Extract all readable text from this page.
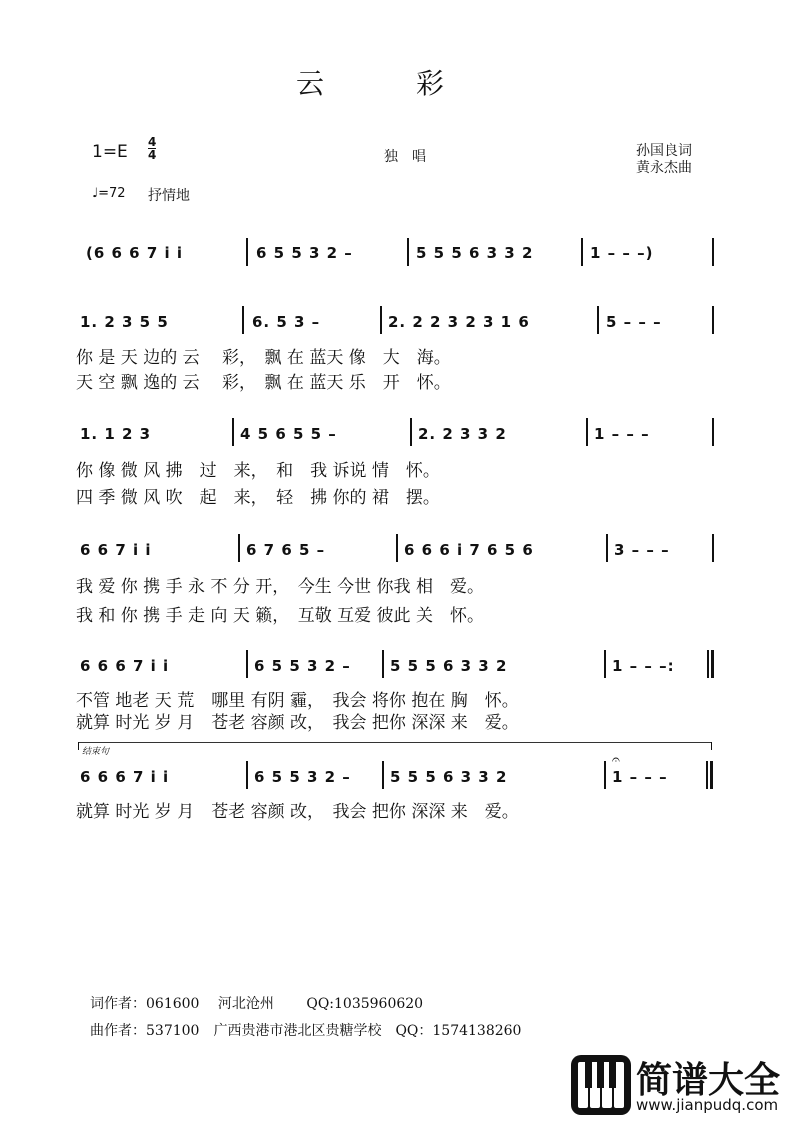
云　　　彩
$1=E \frac{4}{4}$	独　唱	孙国良词
黄永杰曲
♩=72 抒情地
(6 6 6 7 i i	6 5 5 3 2 –	5 5 5 6 3 3 2	1 – – –)
1. 2 3 5 5	6. 5 3 –	2. 2 2 3 2 3 1 6	5 – – –
你 是 天 边的 云　 彩，　飘 在 蓝天 像　大　海。
天 空 飘 逸的 云　 彩，　飘 在 蓝天 乐　开　怀。
1. 1 2 3	4 5 6 5 5 –	2. 2 3 3 2	1 – – –
你 像 微 风 拂　过　来，　和　我 诉说 情　怀。
四 季 微 风 吹　起　来，　轻　拂 你的 裙　摆。
6 6 7 i i	6 7 6 5 –	6 6 6 i 7 6 5 6	3 – – –
我 爱 你 携 手 永 不 分 开，　今生 今世 你我 相　爱。
我 和 你 携 手 走 向 天 籁，　互敬 互爱 彼此 关　怀。
6 6 6 7 i i	6 5 5 3 2 –	5 5 5 6 3 3 2	1 – – –:
不管 地老 天 荒　哪里 有阴 霾，　我会 将你 抱在 胸　怀。
就算 时光 岁 月　苍老 容颜 改，　我会 把你 深深 来　爱。
结束句
6 6 6 7 i i	6 5 5 3 2 –	5 5 5 6 3 3 2	1 – – –
𝄐
就算 时光 岁 月　苍老 容颜 改，　我会 把你 深深 来　爱。
词作者：061600　 河北沧州　　 QQ:1035960620
曲作者：537100　广西贵港市港北区贵糖学校　QQ：1574138260
简谱大全
www.jianpudq.com
